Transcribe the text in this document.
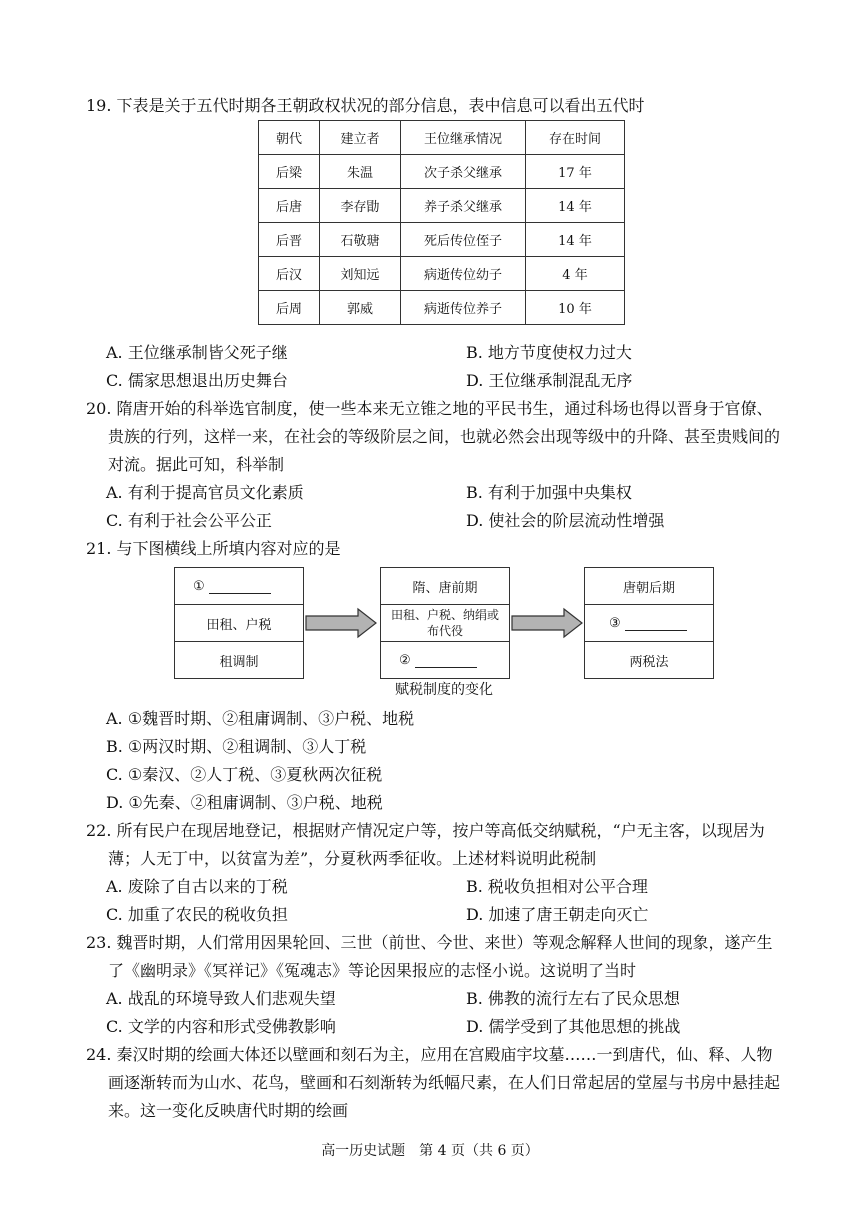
19. 下表是关于五代时期各王朝政权状况的部分信息，表中信息可以看出五代时

朝代	建立者	王位继承情况	存在时间
后梁	朱温	次子杀父继承	17 年
后唐	李存勖	养子杀父继承	14 年
后晋	石敬瑭	死后传位侄子	14 年
后汉	刘知远	病逝传位幼子	4 年
后周	郭威	病逝传位养子	10 年
A. 王位继承制皆父死子继	B. 地方节度使权力过大
C. 儒家思想退出历史舞台	D. 王位继承制混乱无序

20. 隋唐开始的科举选官制度，使一些本来无立锥之地的平民书生，通过科场也得以晋身于官僚、贵族的行列，这样一来，在社会的等级阶层之间，也就必然会出现等级中的升降、甚至贵贱间的对流。据此可知，科举制

A. 有利于提高官员文化素质	B. 有利于加强中央集权
C. 有利于社会公平公正	D. 使社会的阶层流动性增强

21. 与下图横线上所填内容对应的是

①
田租、户税
租调制
隋、唐前期
田租、户税、纳绢或布代役
②
唐朝后期
③
两税法
赋税制度的变化
A. ①魏晋时期、②租庸调制、③户税、地税
B. ①两汉时期、②租调制、③人丁税
C. ①秦汉、②人丁税、③夏秋两次征税
D. ①先秦、②租庸调制、③户税、地税

22. 所有民户在现居地登记，根据财产情况定户等，按户等高低交纳赋税，“户无主客，以现居为薄；人无丁中，以贫富为差”，分夏秋两季征收。上述材料说明此税制

A. 废除了自古以来的丁税	B. 税收负担相对公平合理
C. 加重了农民的税收负担	D. 加速了唐王朝走向灭亡

23. 魏晋时期，人们常用因果轮回、三世（前世、今世、来世）等观念解释人世间的现象，遂产生了《幽明录》《冥祥记》《冤魂志》等论因果报应的志怪小说。这说明了当时

A. 战乱的环境导致人们悲观失望	B. 佛教的流行左右了民众思想
C. 文学的内容和形式受佛教影响	D. 儒学受到了其他思想的挑战

24. 秦汉时期的绘画大体还以壁画和刻石为主，应用在宫殿庙宇坟墓……一到唐代，仙、释、人物画逐渐转而为山水、花鸟，壁画和石刻渐转为纸幅尺素，在人们日常起居的堂屋与书房中悬挂起来。这一变化反映唐代时期的绘画

高一历史试题　第 4 页（共 6 页）
